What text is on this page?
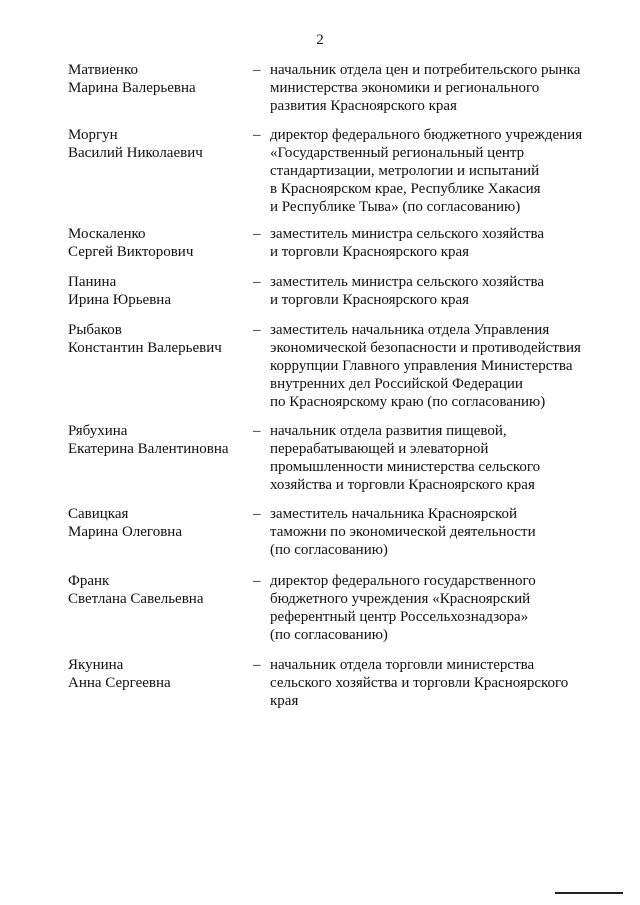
2
Матвиенко
Марина Валерьевна
– начальник отдела цен и потребительского рынка
министерства экономики и регионального
развития Красноярского края
Моргун
Василий Николаевич
– директор федерального бюджетного учреждения
«Государственный региональный центр
стандартизации, метрологии и испытаний
в Красноярском крае, Республике Хакасия
и Республике Тыва» (по согласованию)
Москаленко
Сергей Викторович
– заместитель министра сельского хозяйства
и торговли Красноярского края
Панина
Ирина Юрьевна
– заместитель министра сельского хозяйства
и торговли Красноярского края
Рыбаков
Константин Валерьевич
– заместитель начальника отдела Управления
экономической безопасности и противодействия
коррупции Главного управления Министерства
внутренних дел Российской Федерации
по Красноярскому краю (по согласованию)
Рябухина
Екатерина Валентиновна
– начальник отдела развития пищевой,
перерабатывающей и элеваторной
промышленности министерства сельского
хозяйства и торговли Красноярского края
Савицкая
Марина Олеговна
– заместитель начальника Красноярской
таможни по экономической деятельности
(по согласованию)
Франк
Светлана Савельевна
– директор федерального государственного
бюджетного учреждения «Красноярский
референтный центр Россельхознадзора»
(по согласованию)
Якунина
Анна Сергеевна
– начальник отдела торговли министерства
сельского хозяйства и торговли Красноярского
края
